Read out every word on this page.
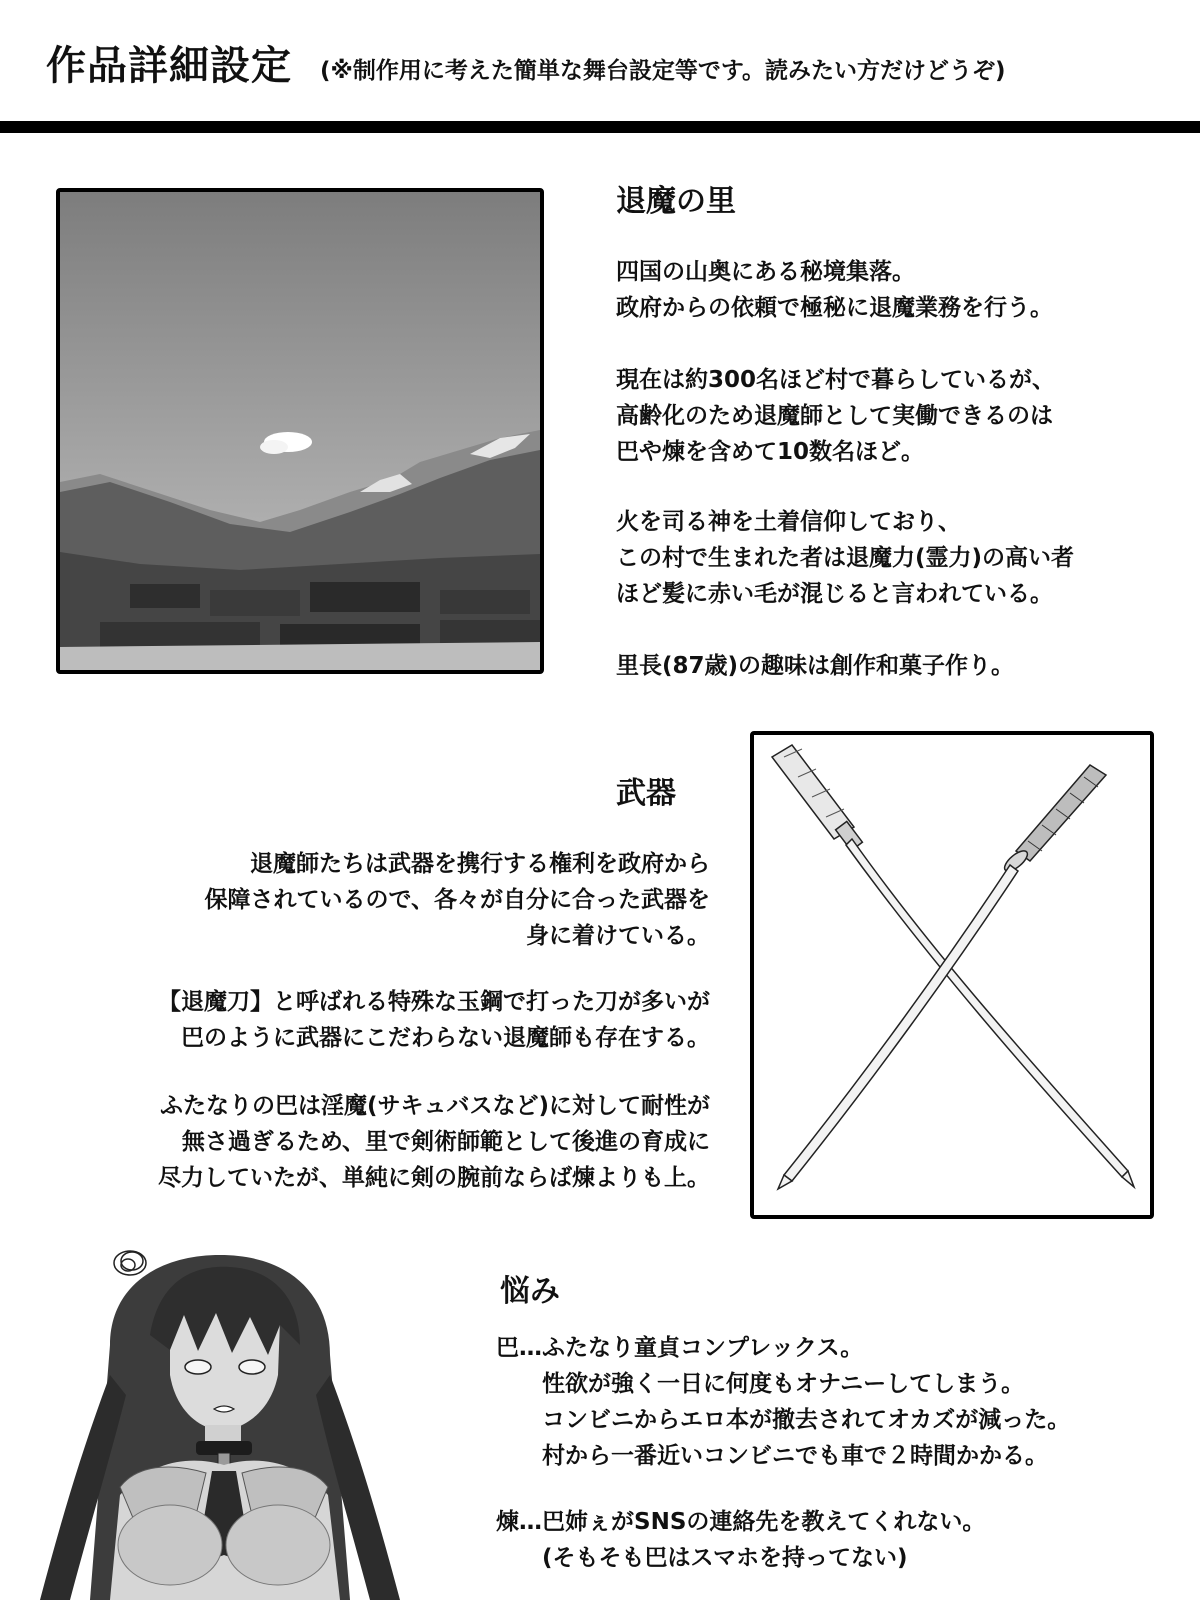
作品詳細設定 (※制作用に考えた簡単な舞台設定等です。読みたい方だけどうぞ)
退魔の里

四国の山奥にある秘境集落。
政府からの依頼で極秘に退魔業務を行う。

現在は約300名ほど村で暮らしているが、
高齢化のため退魔師として実働できるのは
巴や煉を含めて10数名ほど。

火を司る神を土着信仰しており、
この村で生まれた者は退魔力(霊力)の高い者
ほど髪に赤い毛が混じると言われている。

里長(87歳)の趣味は創作和菓子作り。

武器

退魔師たちは武器を携行する権利を政府から
保障されているので、各々が自分に合った武器を
身に着けている。

【退魔刀】と呼ばれる特殊な玉鋼で打った刀が多いが
巴のように武器にこだわらない退魔師も存在する。

ふたなりの巴は淫魔(サキュバスなど)に対して耐性が
無さ過ぎるため、里で剣術師範として後進の育成に
尽力していたが、単純に剣の腕前ならば煉よりも上。

悩み

巴…ふたなり童貞コンプレックス。
　　性欲が強く一日に何度もオナニーしてしまう。
　　コンビニからエロ本が撤去されてオカズが減った。
　　村から一番近いコンビニでも車で２時間かかる。

煉…巴姉ぇがSNSの連絡先を教えてくれない。
　　(そもそも巴はスマホを持ってない)
